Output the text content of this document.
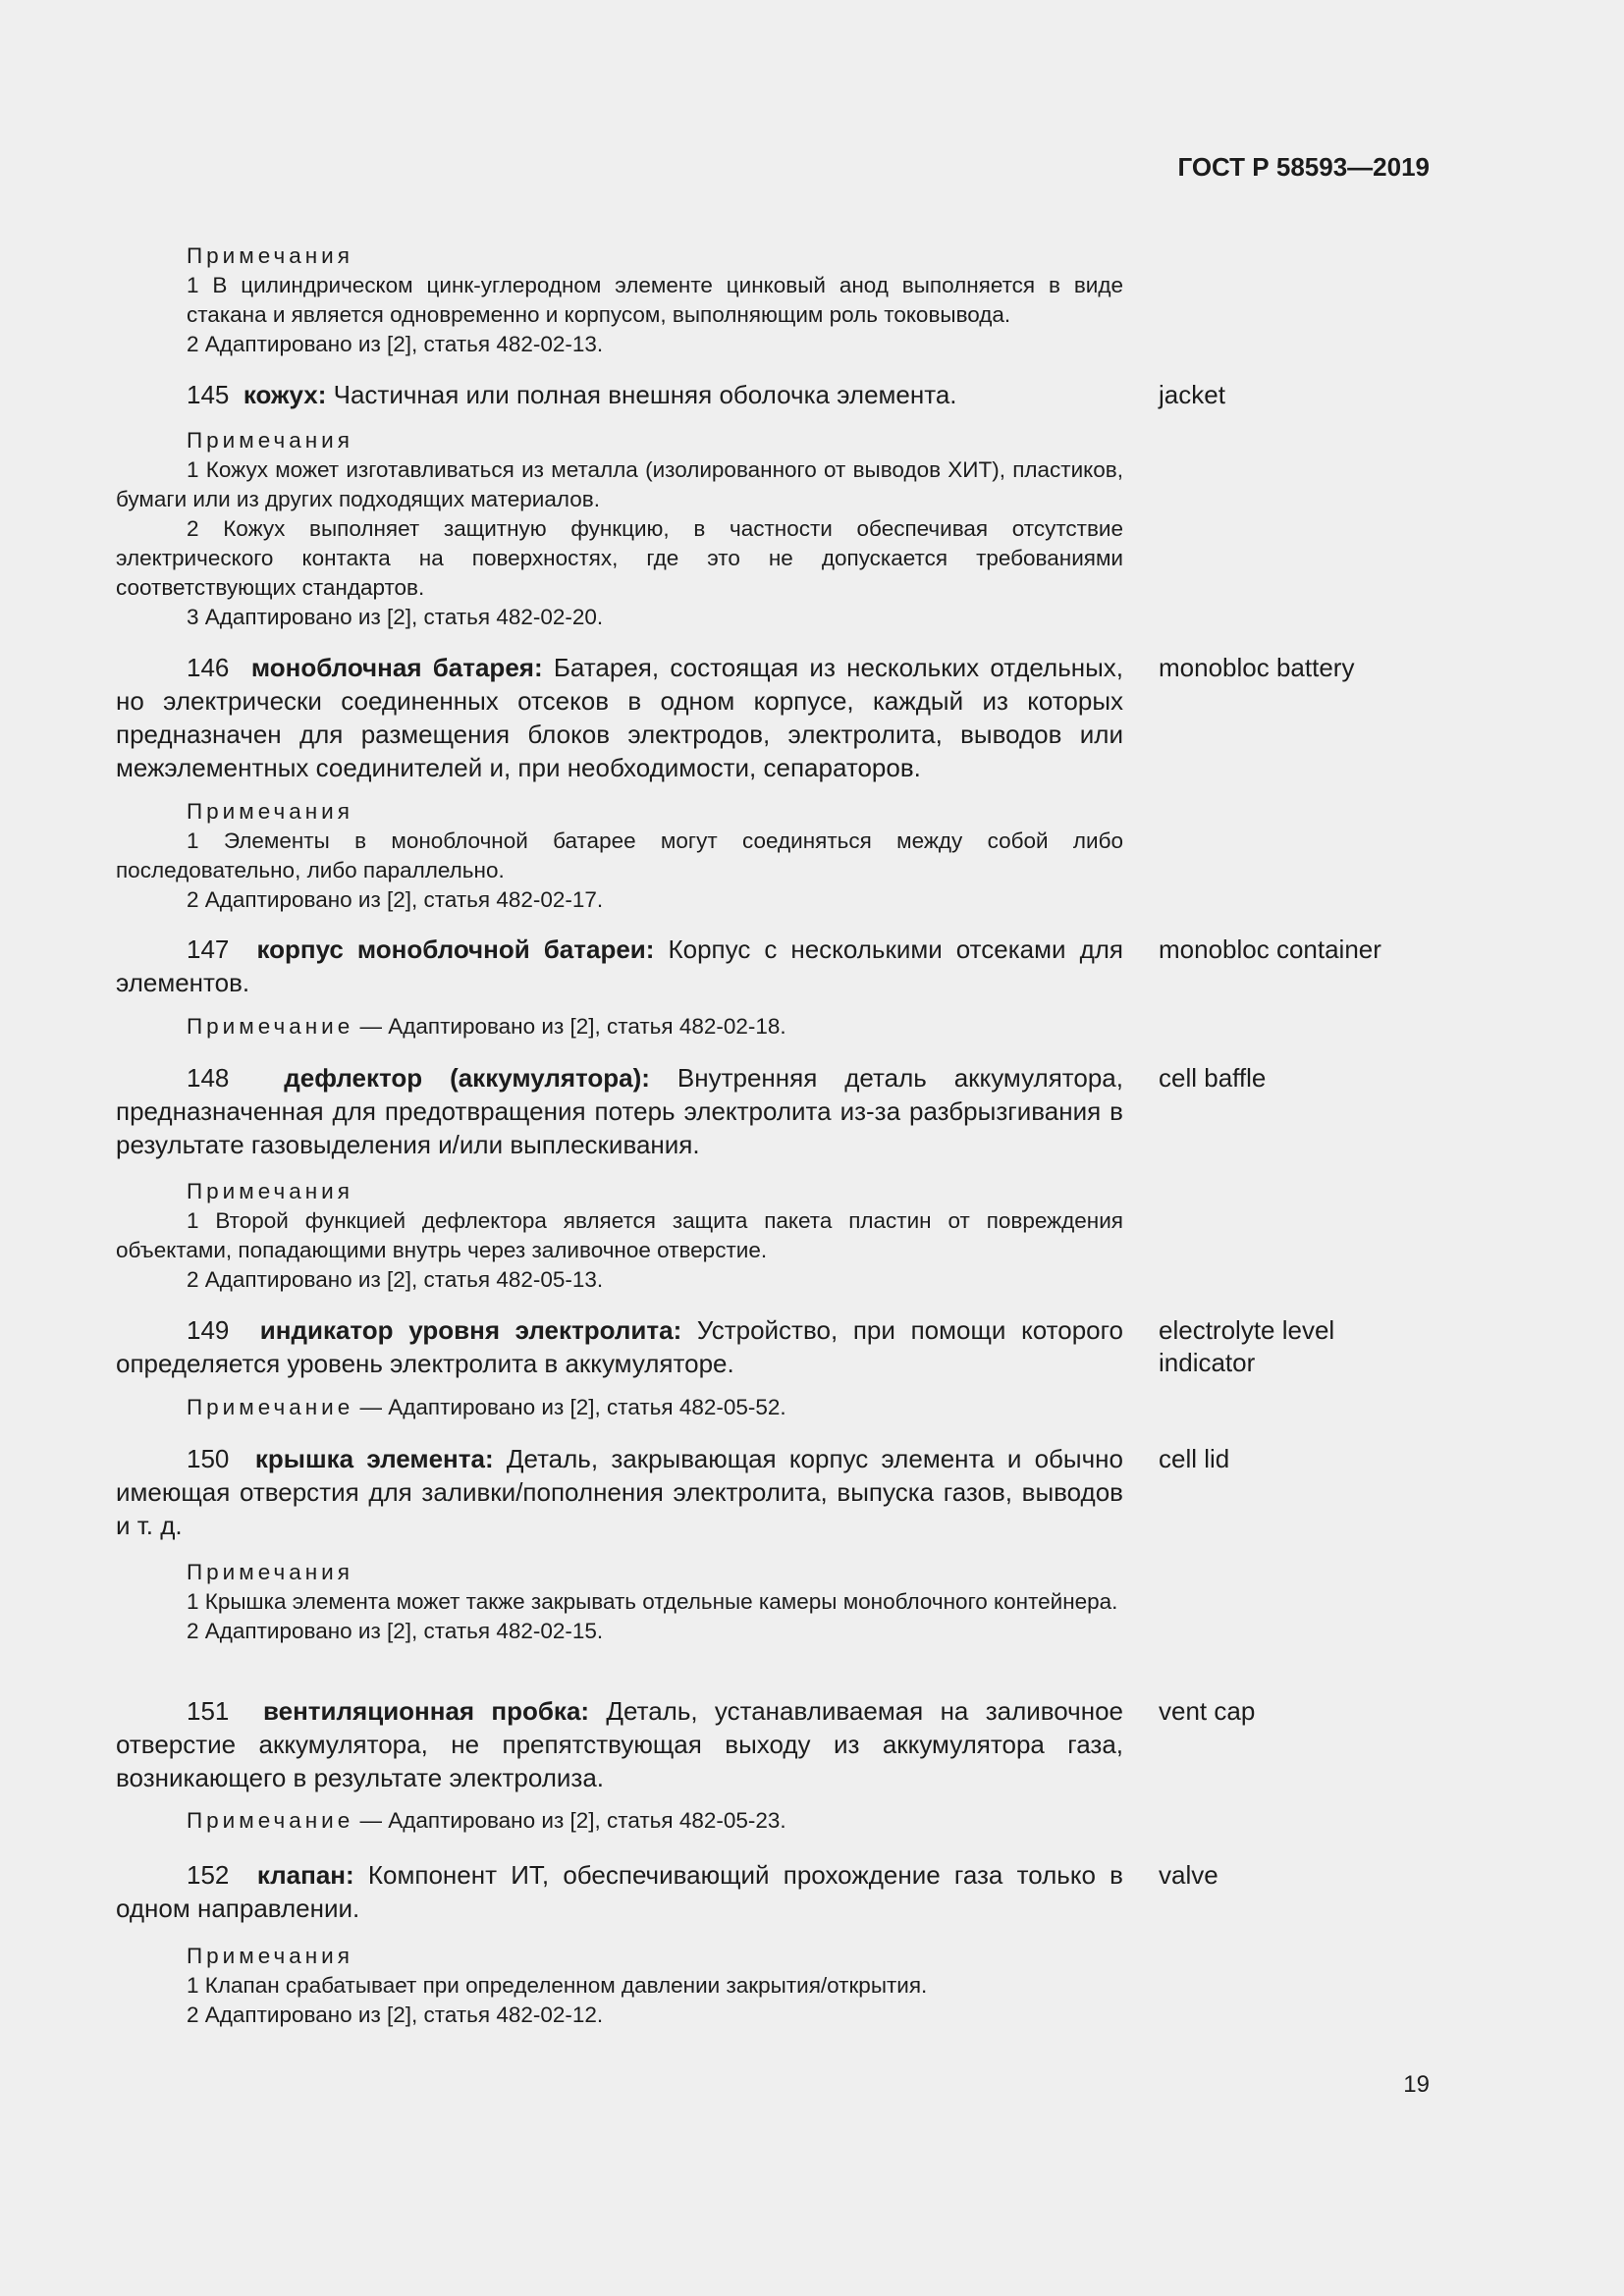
ГОСТ Р 58593—2019
Примечания
1 В цилиндрическом цинк-углеродном элементе цинковый анод выполняется в виде стакана и является одновременно и корпусом, выполняющим роль токовывода.
2 Адаптировано из [2], статья 482-02-13.
145 кожух: Частичная или полная внешняя оболочка элемента.	jacket
Примечания
1 Кожух может изготавливаться из металла (изолированного от выводов ХИТ), пластиков, бумаги или из других подходящих материалов.
2 Кожух выполняет защитную функцию, в частности обеспечивая отсутствие электрического контакта на поверхностях, где это не допускается требованиями соответствующих стандартов.
3 Адаптировано из [2], статья 482-02-20.
146 моноблочная батарея: Батарея, состоящая из нескольких отдельных, но электрически соединенных отсеков в одном корпусе, каждый из которых предназначен для размещения блоков электродов, электролита, выводов или межэлементных соединителей и, при необходимости, сепараторов.
monobloc battery
Примечания
1 Элементы в моноблочной батарее могут соединяться между собой либо последовательно, либо параллельно.
2 Адаптировано из [2], статья 482-02-17.
147 корпус моноблочной батареи: Корпус с несколькими отсеками для элементов.
monobloc container
Примечание — Адаптировано из [2], статья 482-02-18.
148 дефлектор (аккумулятора): Внутренняя деталь аккумулятора, предназначенная для предотвращения потерь электролита из-за разбрызгивания в результате газовыделения и/или выплескивания.
cell baffle
Примечания
1 Второй функцией дефлектора является защита пакета пластин от повреждения объектами, попадающими внутрь через заливочное отверстие.
2 Адаптировано из [2], статья 482-05-13.
149 индикатор уровня электролита: Устройство, при помощи которого определяется уровень электролита в аккумуляторе.
electrolyte level
indicator
Примечание — Адаптировано из [2], статья 482-05-52.
150 крышка элемента: Деталь, закрывающая корпус элемента и обычно имеющая отверстия для заливки/пополнения электролита, выпуска газов, выводов и т. д.
cell lid
Примечания
1 Крышка элемента может также закрывать отдельные камеры моноблочного контейнера.
2 Адаптировано из [2], статья 482-02-15.
151 вентиляционная пробка: Деталь, устанавливаемая на заливочное отверстие аккумулятора, не препятствующая выходу из аккумулятора газа, возникающего в результате электролиза.
vent cap
Примечание — Адаптировано из [2], статья 482-05-23.
152 клапан: Компонент ИТ, обеспечивающий прохождение газа только в одном направлении.
valve
Примечания
1 Клапан срабатывает при определенном давлении закрытия/открытия.
2 Адаптировано из [2], статья 482-02-12.
19
